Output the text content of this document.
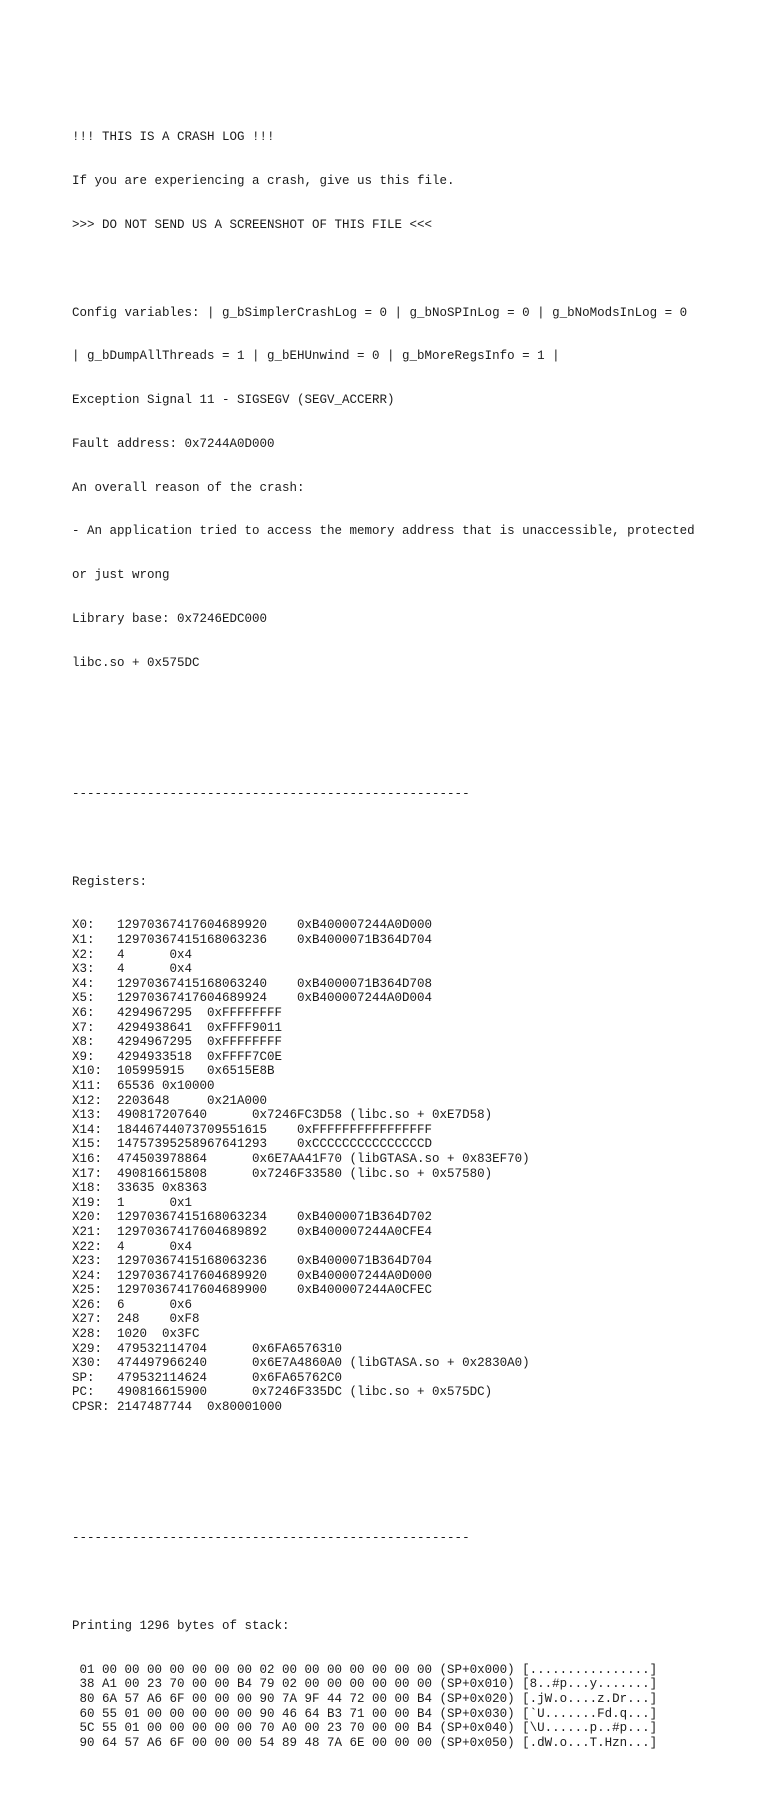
!!! THIS IS A CRASH LOG !!!

If you are experiencing a crash, give us this file.

>>> DO NOT SEND US A SCREENSHOT OF THIS FILE <<<

Config variables: | g_bSimplerCrashLog = 0 | g_bNoSPInLog = 0 | g_bNoModsInLog = 0

| g_bDumpAllThreads = 1 | g_bEHUnwind = 0 | g_bMoreRegsInfo = 1 |

Exception Signal 11 - SIGSEGV (SEGV_ACCERR)

Fault address: 0x7244A0D000

An overall reason of the crash:

- An application tried to access the memory address that is unaccessible, protected

or just wrong

Library base: 0x7246EDC000

libc.so + 0x575DC

-----------------------------------------------------

Registers:

X0:   12970367417604689920    0xB400007244A0D000
X1:   12970367415168063236    0xB4000071B364D704
X2:   4      0x4
X3:   4      0x4
X4:   12970367415168063240    0xB4000071B364D708
X5:   12970367417604689924    0xB400007244A0D004
X6:   4294967295  0xFFFFFFFF
X7:   4294938641  0xFFFF9011
X8:   4294967295  0xFFFFFFFF
X9:   4294933518  0xFFFF7C0E
X10:  105995915   0x6515E8B
X11:  65536 0x10000
X12:  2203648     0x21A000
X13:  490817207640      0x7246FC3D58 (libc.so + 0xE7D58)
X14:  18446744073709551615    0xFFFFFFFFFFFFFFFF
X15:  14757395258967641293    0xCCCCCCCCCCCCCCCD
X16:  474503978864      0x6E7AA41F70 (libGTASA.so + 0x83EF70)
X17:  490816615808      0x7246F33580 (libc.so + 0x57580)
X18:  33635 0x8363
X19:  1      0x1
X20:  12970367415168063234    0xB4000071B364D702
X21:  12970367417604689892    0xB400007244A0CFE4
X22:  4      0x4
X23:  12970367415168063236    0xB4000071B364D704
X24:  12970367417604689920    0xB400007244A0D000
X25:  12970367417604689900    0xB400007244A0CFEC
X26:  6      0x6
X27:  248    0xF8
X28:  1020  0x3FC
X29:  479532114704      0x6FA6576310
X30:  474497966240      0x6E7A4860A0 (libGTASA.so + 0x2830A0)
SP:   479532114624      0x6FA65762C0
PC:   490816615900      0x7246F335DC (libc.so + 0x575DC)
CPSR: 2147487744  0x80001000

-----------------------------------------------------

Printing 1296 bytes of stack:

01 00 00 00 00 00 00 00 02 00 00 00 00 00 00 00 (SP+0x000) [................]
38 A1 00 23 70 00 00 B4 79 02 00 00 00 00 00 00 (SP+0x010) [8..#p...y.......]
80 6A 57 A6 6F 00 00 00 90 7A 9F 44 72 00 00 B4 (SP+0x020) [.jW.o....z.Dr...]
60 55 01 00 00 00 00 00 90 46 64 B3 71 00 00 B4 (SP+0x030) [`U.......Fd.q...]
5C 55 01 00 00 00 00 00 70 A0 00 23 70 00 00 B4 (SP+0x040) [\U......p..#p...]
90 64 57 A6 6F 00 00 00 54 89 48 7A 6E 00 00 00 (SP+0x050) [.dW.o...T.Hzn...]
